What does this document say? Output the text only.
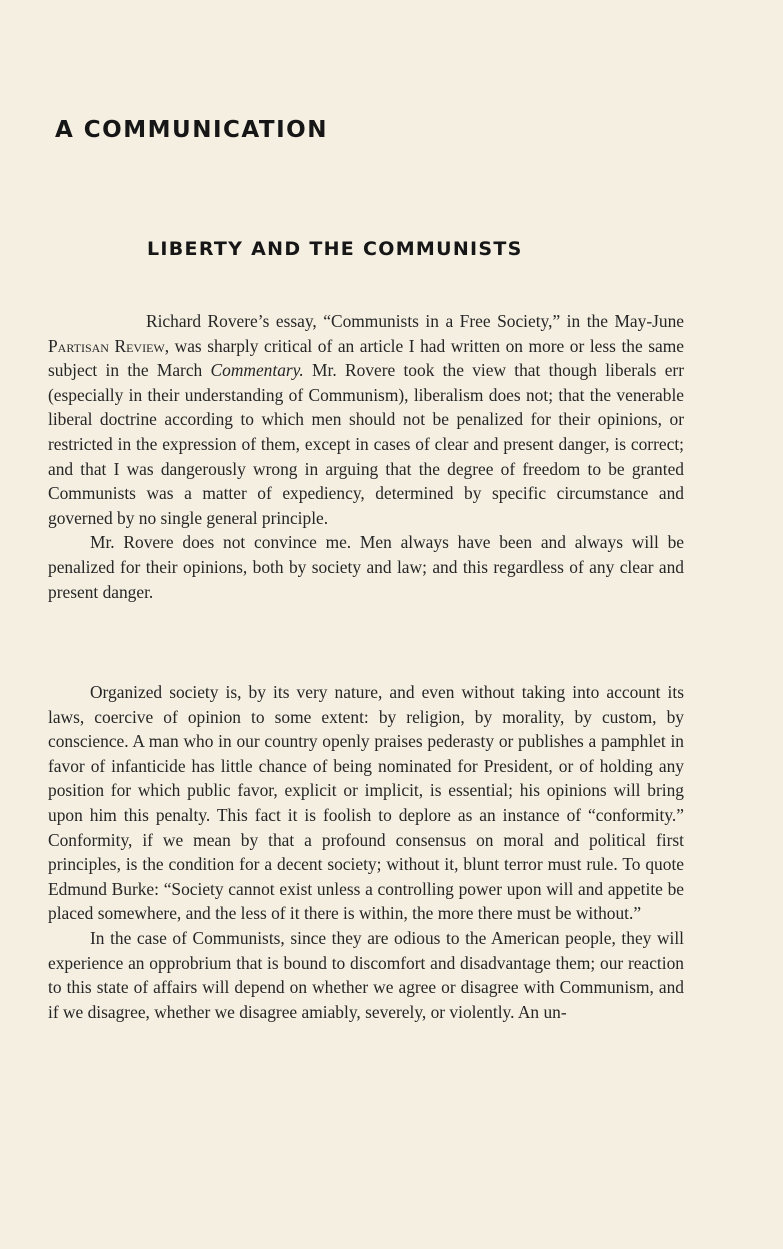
A COMMUNICATION
LIBERTY AND THE COMMUNISTS

Richard Rovere’s essay, “Communists in a Free Society,” in the May-June Partisan Review, was sharply critical of an article I had written on more or less the same subject in the March Commentary. Mr. Rovere took the view that though liberals err (especially in their understanding of Communism), liberalism does not; that the venerable liberal doctrine according to which men should not be penalized for their opinions, or restricted in the expression of them, except in cases of clear and present danger, is correct; and that I was dangerously wrong in arguing that the degree of freedom to be granted Communists was a matter of expediency, determined by specific circumstance and governed by no single general principle.

Mr. Rovere does not convince me. Men always have been and always will be penalized for their opinions, both by society and law; and this regardless of any clear and present danger.

Organized society is, by its very nature, and even without taking into account its laws, coercive of opinion to some extent: by religion, by morality, by custom, by conscience. A man who in our country openly praises pederasty or publishes a pamphlet in favor of infanticide has little chance of being nominated for President, or of holding any position for which public favor, explicit or implicit, is essential; his opinions will bring upon him this penalty. This fact it is foolish to deplore as an instance of “conformity.” Conformity, if we mean by that a profound consensus on moral and political first principles, is the condition for a decent society; without it, blunt terror must rule. To quote Edmund Burke: “Society cannot exist unless a controlling power upon will and appetite be placed somewhere, and the less of it there is within, the more there must be without.”

In the case of Communists, since they are odious to the American people, they will experience an opprobrium that is bound to discomfort and disadvantage them; our reaction to this state of affairs will depend on whether we agree or disagree with Communism, and if we disagree, whether we disagree amiably, severely, or violently. An un-
